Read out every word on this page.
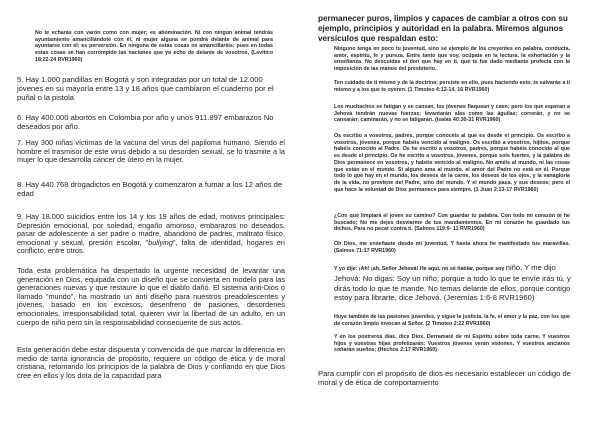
No te echarás con varón como con mujer; es abominación. Ni con ningún animal tendrás ayuntamiento amancillándote con él, ni mujer alguna se pondrá delante de animal para ayuntarse con él; es perversión. En ninguna de estas cosas os amancillaréis; pues en todas estas cosas se han corrompido las naciones que yo echo de delante de vosotros, (Levítico 18:22-24 RVR1960)

5. Hay 1.000 pandillas en Bogotá y son integradas por un total de 12.000 jóvenes en su mayoría entre 13 y 18 años que cambiaron el cuaderno por el puñal o la pistola

6. Hay 400.000 abortos en Colombia por año y unos 911.897 embarazos No deseados por año.

7. Hay 300 niñas víctimas de la vacuna del virus del papiloma humano. Siendo el hombre el trasmisor de este virus debido a su desorden sexual, se lo trasmite a la mujer lo que desarrolla cáncer de útero en la mujer.

8. Hay 440.768 drogadictos en Bogotá y comenzaron a fumar a los 12 años de edad

9. Hay 18.000 suicidios entre los 14 y los 19 años de edad, motivos principales: Depresión emocional, por soledad, engaño amoroso, embarazos no deseados, pasar de adolescente a ser padre o madre, abandono de padres, maltrato físico, emocional y sexual, presión escolar, "bullying", falta de identidad, hogares en conflicto, entre otros.

Toda esta problemática ha despertado la urgente necesidad de levantar una generación en Dios, equipada con un diseño que se convierta en modelo para las generaciones nuevas y que restaure lo que el diablo dañó. El sistema anti-Dios o llamado "mundo", ha mostrado un anti diseño para nuestros preadolescentes y jóvenes, basado en los excesos, desenfreno de pasiones, desordenes emocionales, irresponsabilidad total, quieren vivir la libertad de un adulto, en un cuerpo de niño pero sin la responsabilidad consecuente de sus actos.

Esta generación debe estar dispuesta y convencida de que marcar la diferencia en medio de tanta ignorancia de propósito, requiere un código de ética y de moral cristiana, retomando los principios de la palabra de Dios y confiando en que Dios cree en ellos y los dota de la capacidad para

permanecer puros, limpios y capaces de cambiar a otros con su ejemplo, principios y autoridad en la palabra. Miremos algunos versículos que respaldan esto:

Ninguno tenga en poco tu juventud, sino sé ejemplo de los creyentes en palabra, conducta, amor, espíritu, fe y pureza. Entre tanto que voy, ocúpate en la lectura, la exhortación y la enseñanza. No descuides el don que hay en ti, que te fue dado mediante profecía con la imposición de las manos del presbiterio.

Ten cuidado de ti mismo y de la doctrina; persiste en ello, pues haciendo esto, te salvarás a ti mismo y a los que te oyeren. (1 Timoteo 4:12-14, 16 RVR1960)

Los muchachos se fatigan y se cansan, los jóvenes flaquean y caen; pero los que esperan a Jehová tendrán nuevas fuerzas; levantarán alas como las águilas; correrán, y no se cansarán; caminarán, y no se fatigarán. (Isaías 40:30-31 RVR1960)

Os escribo a vosotros, padres, porque conocéis al que es desde el principio. Os escribo a vosotros, jóvenes, porque habéis vencido al maligno. Os escribo a vosotros, hijitos, porque habéis conocido al Padre. Os he escrito a vosotros, padres, porque habéis conocido al que es desde el principio. Os he escrito a vosotros, jóvenes, porque sois fuertes, y la palabra de Dios permanece en vosotros, y habéis vencido al maligno. No améis al mundo, ni las cosas que están en el mundo. Si alguno ama al mundo, el amor del Padre no está en él. Porque todo lo que hay en el mundo, los deseos de la carne, los deseos de los ojos, y la vanagloria de la vida, no proviene del Padre, sino del mundo. Y el mundo pasa, y sus deseos; pero el que hace la voluntad de Dios permanece para siempre. (1 Juan 2:13-17 RVR1960)

¿Con qué limpiará el joven su camino? Con guardar tu palabra. Con todo mi corazón te he buscado; No me dejes desviarme de tus mandamientos. En mi corazón he guardado tus dichos, Para no pecar contra ti. (Salmos 119:9- 11 RVR1960)

Oh Dios, me enseñaste desde mi juventud, Y hasta ahora he manifestado tus maravillas. (Salmos 71:17 RVR1960)

Y yo dije: ¡Ah! ¡ah, Señor Jehová! He aquí, no sé hablar, porque soy niño. Y me dijo Jehová: No digas: Soy un niño; porque a todo lo que te envíe irás tú, y dirás todo lo que te mande. No temas delante de ellos, porque contigo estoy para librarte, dice Jehová. (Jeremías 1:6-8 RVR1960)

Huye también de las pasiones juveniles, y sigue la justicia, la fe, el amor y la paz, con los que de corazón limpio invocan al Señor. (2 Timoteo 2:22 RVR1960)

Y en los postreros días, dice Dios, Derramaré de mi Espíritu sobre toda carne, Y vuestros hijos y vuestras hijas profetizarán; Vuestros jóvenes verán visiones, Y vuestros ancianos soñarán sueños; (Hechos 2:17 RVR1960)

Para cumplir con el propósito de dios es necesario establecer un código de moral y de ética de comportamiento
